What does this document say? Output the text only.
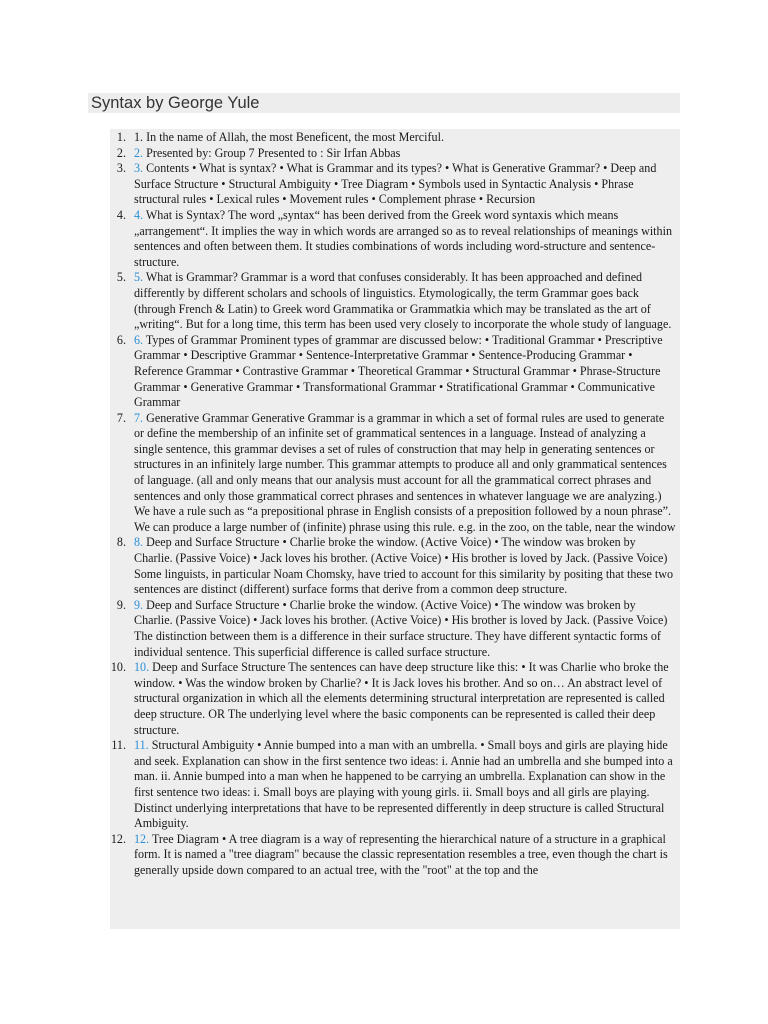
Syntax by George Yule
1. 1. In the name of Allah, the most Beneficent, the most Merciful.
2. 2. Presented by: Group 7 Presented to : Sir Irfan Abbas
3. 3. Contents • What is syntax? • What is Grammar and its types? • What is Generative Grammar? • Deep and Surface Structure • Structural Ambiguity • Tree Diagram • Symbols used in Syntactic Analysis • Phrase structural rules • Lexical rules • Movement rules • Complement phrase • Recursion
4. 4. What is Syntax? The word „syntax“ has been derived from the Greek word syntaxis which means „arrangement“. It implies the way in which words are arranged so as to reveal relationships of meanings within sentences and often between them. It studies combinations of words including word-structure and sentence-structure.
5. 5. What is Grammar? Grammar is a word that confuses considerably. It has been approached and defined differently by different scholars and schools of linguistics. Etymologically, the term Grammar goes back (through French & Latin) to Greek word Grammatika or Grammatkia which may be translated as the art of „writing“. But for a long time, this term has been used very closely to incorporate the whole study of language.
6. 6. Types of Grammar Prominent types of grammar are discussed below: • Traditional Grammar • Prescriptive Grammar • Descriptive Grammar • Sentence-Interpretative Grammar • Sentence-Producing Grammar • Reference Grammar • Contrastive Grammar • Theoretical Grammar • Structural Grammar • Phrase-Structure Grammar • Generative Grammar • Transformational Grammar • Stratificational Grammar • Communicative Grammar
7. 7. Generative Grammar Generative Grammar is a grammar in which a set of formal rules are used to generate or define the membership of an infinite set of grammatical sentences in a language. Instead of analyzing a single sentence, this grammar devises a set of rules of construction that may help in generating sentences or structures in an infinitely large number. This grammar attempts to produce all and only grammatical sentences of language. (all and only means that our analysis must account for all the grammatical correct phrases and sentences and only those grammatical correct phrases and sentences in whatever language we are analyzing.) We have a rule such as “a prepositional phrase in English consists of a preposition followed by a noun phrase”. We can produce a large number of (infinite) phrase using this rule. e.g. in the zoo, on the table, near the window
8. 8. Deep and Surface Structure • Charlie broke the window. (Active Voice) • The window was broken by Charlie. (Passive Voice) • Jack loves his brother. (Active Voice) • His brother is loved by Jack. (Passive Voice) Some linguists, in particular Noam Chomsky, have tried to account for this similarity by positing that these two sentences are distinct (different) surface forms that derive from a common deep structure.
9. 9. Deep and Surface Structure • Charlie broke the window. (Active Voice) • The window was broken by Charlie. (Passive Voice) • Jack loves his brother. (Active Voice) • His brother is loved by Jack. (Passive Voice) The distinction between them is a difference in their surface structure. They have different syntactic forms of individual sentence. This superficial difference is called surface structure.
10. 10. Deep and Surface Structure The sentences can have deep structure like this: • It was Charlie who broke the window. • Was the window broken by Charlie? • It is Jack loves his brother. And so on… An abstract level of structural organization in which all the elements determining structural interpretation are represented is called deep structure. OR The underlying level where the basic components can be represented is called their deep structure.
11. 11. Structural Ambiguity • Annie bumped into a man with an umbrella. • Small boys and girls are playing hide and seek. Explanation can show in the first sentence two ideas: i. Annie had an umbrella and she bumped into a man. ii. Annie bumped into a man when he happened to be carrying an umbrella. Explanation can show in the first sentence two ideas: i. Small boys are playing with young girls. ii. Small boys and all girls are playing. Distinct underlying interpretations that have to be represented differently in deep structure is called Structural Ambiguity.
12. 12. Tree Diagram • A tree diagram is a way of representing the hierarchical nature of a structure in a graphical form. It is named a "tree diagram" because the classic representation resembles a tree, even though the chart is generally upside down compared to an actual tree, with the "root" at the top and the
